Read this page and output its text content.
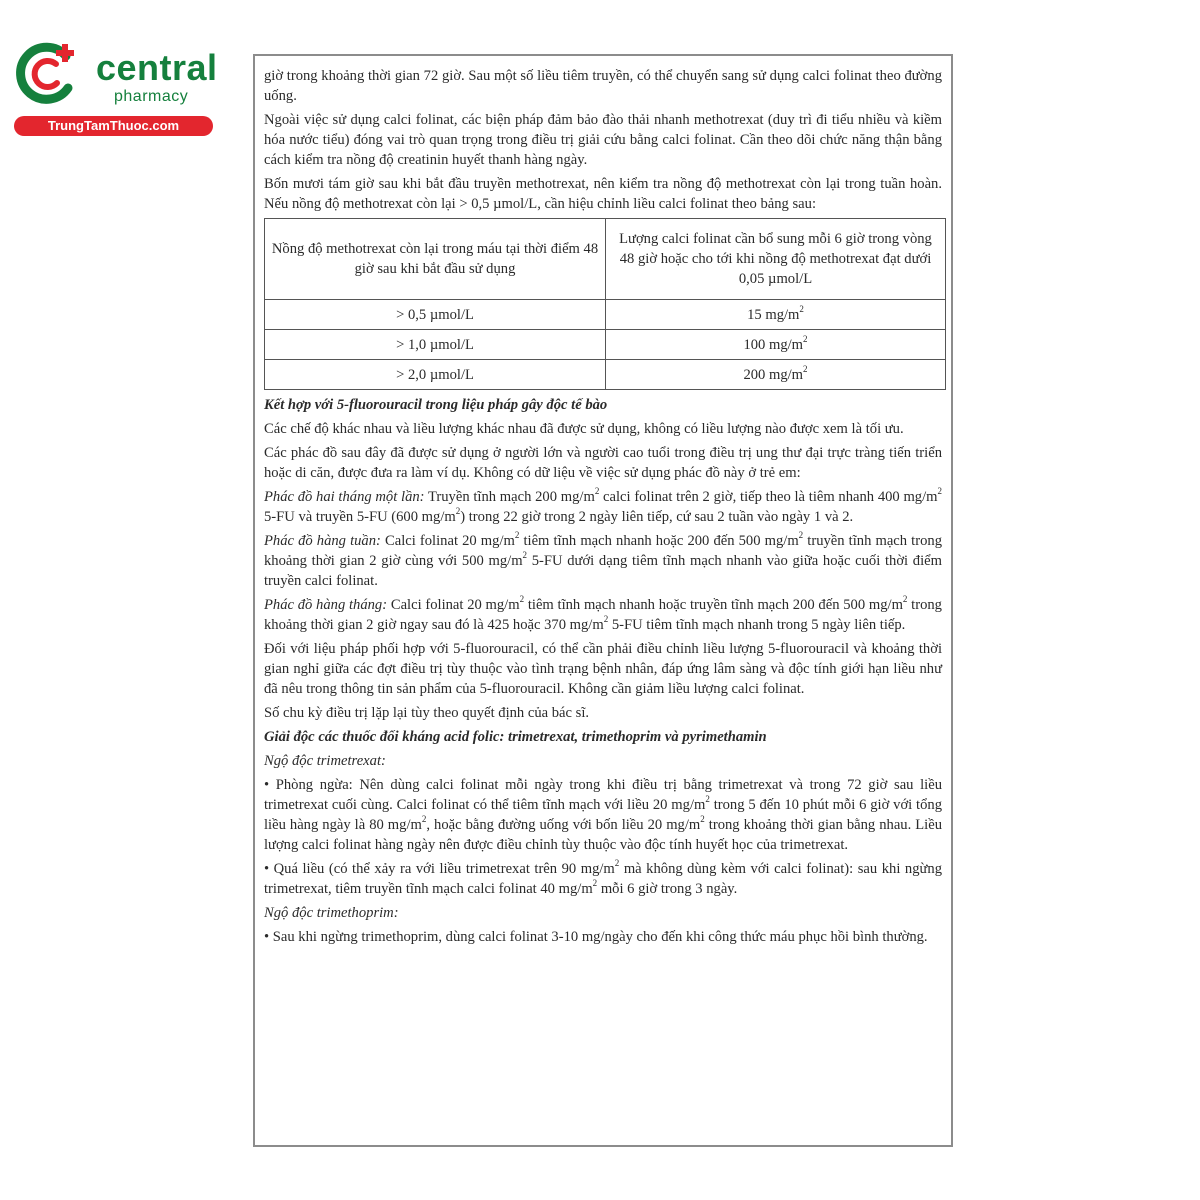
central
pharmacy
TrungTamThuoc.com

giờ trong khoảng thời gian 72 giờ. Sau một số liều tiêm truyền, có thể chuyển sang sử dụng calci folinat theo đường uống.

Ngoài việc sử dụng calci folinat, các biện pháp đảm bảo đào thải nhanh methotrexat (duy trì đi tiểu nhiều và kiềm hóa nước tiểu) đóng vai trò quan trọng trong điều trị giải cứu bằng calci folinat. Cần theo dõi chức năng thận bằng cách kiểm tra nồng độ creatinin huyết thanh hàng ngày.

Bốn mươi tám giờ sau khi bắt đầu truyền methotrexat, nên kiểm tra nồng độ methotrexat còn lại trong tuần hoàn. Nếu nồng độ methotrexat còn lại > 0,5 µmol/L, cần hiệu chỉnh liều calci folinat theo bảng sau:

Nồng độ methotrexat còn lại trong máu tại thời điểm 48 giờ sau khi bắt đầu sử dụng	Lượng calci folinat cần bổ sung mỗi 6 giờ trong vòng 48 giờ hoặc cho tới khi nồng độ methotrexat đạt dưới 0,05 µmol/L
> 0,5 µmol/L	15 $mg/m^2$
> 1,0 µmol/L	100 $mg/m^2$
> 2,0 µmol/L	200 $mg/m^2$

Kết hợp với 5-fluorouracil trong liệu pháp gây độc tế bào

Các chế độ khác nhau và liều lượng khác nhau đã được sử dụng, không có liều lượng nào được xem là tối ưu.

Các phác đồ sau đây đã được sử dụng ở người lớn và người cao tuổi trong điều trị ung thư đại trực tràng tiến triển hoặc di căn, được đưa ra làm ví dụ. Không có dữ liệu về việc sử dụng phác đồ này ở trẻ em:

Phác đồ hai tháng một lần: Truyền tĩnh mạch 200 $mg/m^2$ calci folinat trên 2 giờ, tiếp theo là tiêm nhanh 400 $mg/m^2$ 5-FU và truyền 5-FU (600 $mg/m^2$) trong 22 giờ trong 2 ngày liên tiếp, cứ sau 2 tuần vào ngày 1 và 2.

Phác đồ hàng tuần: Calci folinat 20 $mg/m^2$ tiêm tĩnh mạch nhanh hoặc 200 đến 500 $mg/m^2$ truyền tĩnh mạch trong khoảng thời gian 2 giờ cùng với 500 $mg/m^2$ 5-FU dưới dạng tiêm tĩnh mạch nhanh vào giữa hoặc cuối thời điểm truyền calci folinat.

Phác đồ hàng tháng: Calci folinat 20 $mg/m^2$ tiêm tĩnh mạch nhanh hoặc truyền tĩnh mạch 200 đến 500 $mg/m^2$ trong khoảng thời gian 2 giờ ngay sau đó là 425 hoặc 370 $mg/m^2$ 5-FU tiêm tĩnh mạch nhanh trong 5 ngày liên tiếp.

Đối với liệu pháp phối hợp với 5-fluorouracil, có thể cần phải điều chỉnh liều lượng 5-fluorouracil và khoảng thời gian nghỉ giữa các đợt điều trị tùy thuộc vào tình trạng bệnh nhân, đáp ứng lâm sàng và độc tính giới hạn liều như đã nêu trong thông tin sản phẩm của 5-fluorouracil. Không cần giảm liều lượng calci folinat.

Số chu kỳ điều trị lặp lại tùy theo quyết định của bác sĩ.

Giải độc các thuốc đối kháng acid folic: trimetrexat, trimethoprim và pyrimethamin

Ngộ độc trimetrexat:

• Phòng ngừa: Nên dùng calci folinat mỗi ngày trong khi điều trị bằng trimetrexat và trong 72 giờ sau liều trimetrexat cuối cùng. Calci folinat có thể tiêm tĩnh mạch với liều 20 $mg/m^2$ trong 5 đến 10 phút mỗi 6 giờ với tổng liều hàng ngày là 80 $mg/m^2$, hoặc bằng đường uống với bốn liều 20 $mg/m^2$ trong khoảng thời gian bằng nhau. Liều lượng calci folinat hàng ngày nên được điều chỉnh tùy thuộc vào độc tính huyết học của trimetrexat.

• Quá liều (có thể xảy ra với liều trimetrexat trên 90 $mg/m^2$ mà không dùng kèm với calci folinat): sau khi ngừng trimetrexat, tiêm truyền tĩnh mạch calci folinat 40 $mg/m^2$ mỗi 6 giờ trong 3 ngày.

Ngộ độc trimethoprim:

• Sau khi ngừng trimethoprim, dùng calci folinat 3-10 mg/ngày cho đến khi công thức máu phục hồi bình thường.
